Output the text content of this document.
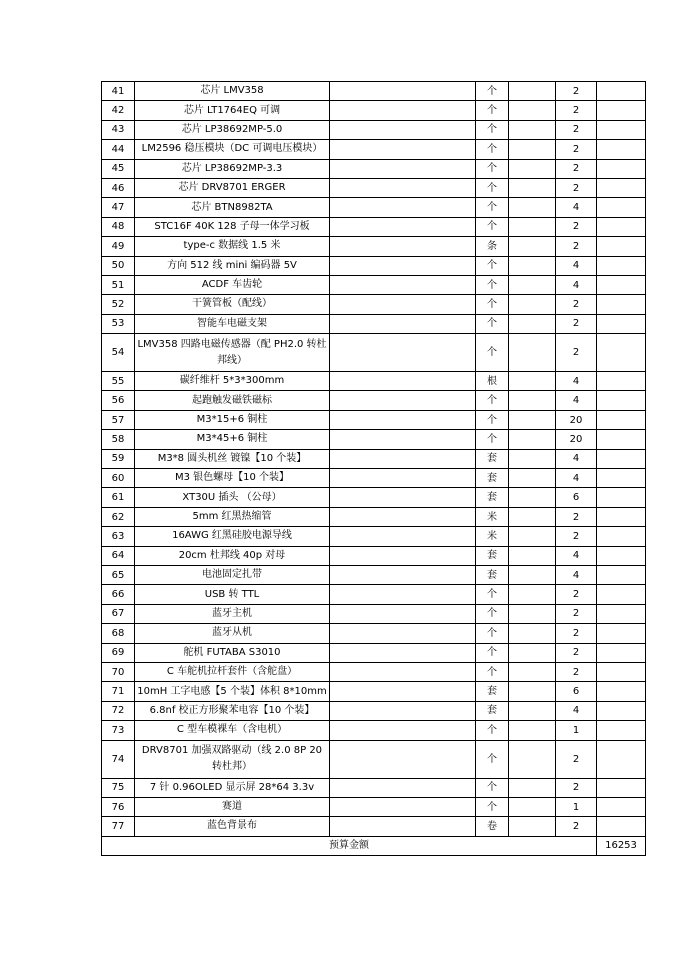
41	芯片 LMV358		个		2	
42	芯片 LT1764EQ 可调		个		2	
43	芯片 LP38692MP-5.0		个		2	
44	LM2596 稳压模块（DC 可调电压模块）		个		2	
45	芯片 LP38692MP-3.3		个		2	
46	芯片 DRV8701 ERGER		个		2	
47	芯片 BTN8982TA		个		4	
48	STC16F 40K 128 子母一体学习板		个		2	
49	type-c 数据线 1.5 米		条		2	
50	方向 512 线 mini 编码器 5V		个		4	
51	ACDF 车齿轮		个		4	
52	干簧管板（配线）		个		2	
53	智能车电磁支架		个		2	
54	LMV358 四路电磁传感器（配 PH2.0 转杜邦线）		个		2	
55	碳纤维杆 5*3*300mm		根		4	
56	起跑触发磁铁磁标		个		4	
57	M3*15+6 铜柱		个		20	
58	M3*45+6 铜柱		个		20	
59	M3*8 圆头机丝 镀镍【10 个装】		套		4	
60	M3 银色螺母【10 个装】		套		4	
61	XT30U 插头 （公母）		套		6	
62	5mm 红黑热缩管		米		2	
63	16AWG 红黑硅胶电源导线		米		2	
64	20cm 杜邦线 40p 对母		套		4	
65	电池固定扎带		套		4	
66	USB 转 TTL		个		2	
67	蓝牙主机		个		2	
68	蓝牙从机		个		2	
69	舵机 FUTABA S3010		个		2	
70	C 车舵机拉杆套件（含舵盘）		个		2	
71	10mH 工字电感【5 个装】体积 8*10mm		套		6	
72	6.8nf 校正方形聚苯电容【10 个装】		套		4	
73	C 型车模裸车（含电机）		个		1	
74	DRV8701 加强双路驱动（线 2.0 8P 20 转杜邦）		个		2	
75	7 针 0.96OLED 显示屏 28*64 3.3v		个		2	
76	赛道		个		1	
77	蓝色背景布		卷		2	
预算金额						16253
